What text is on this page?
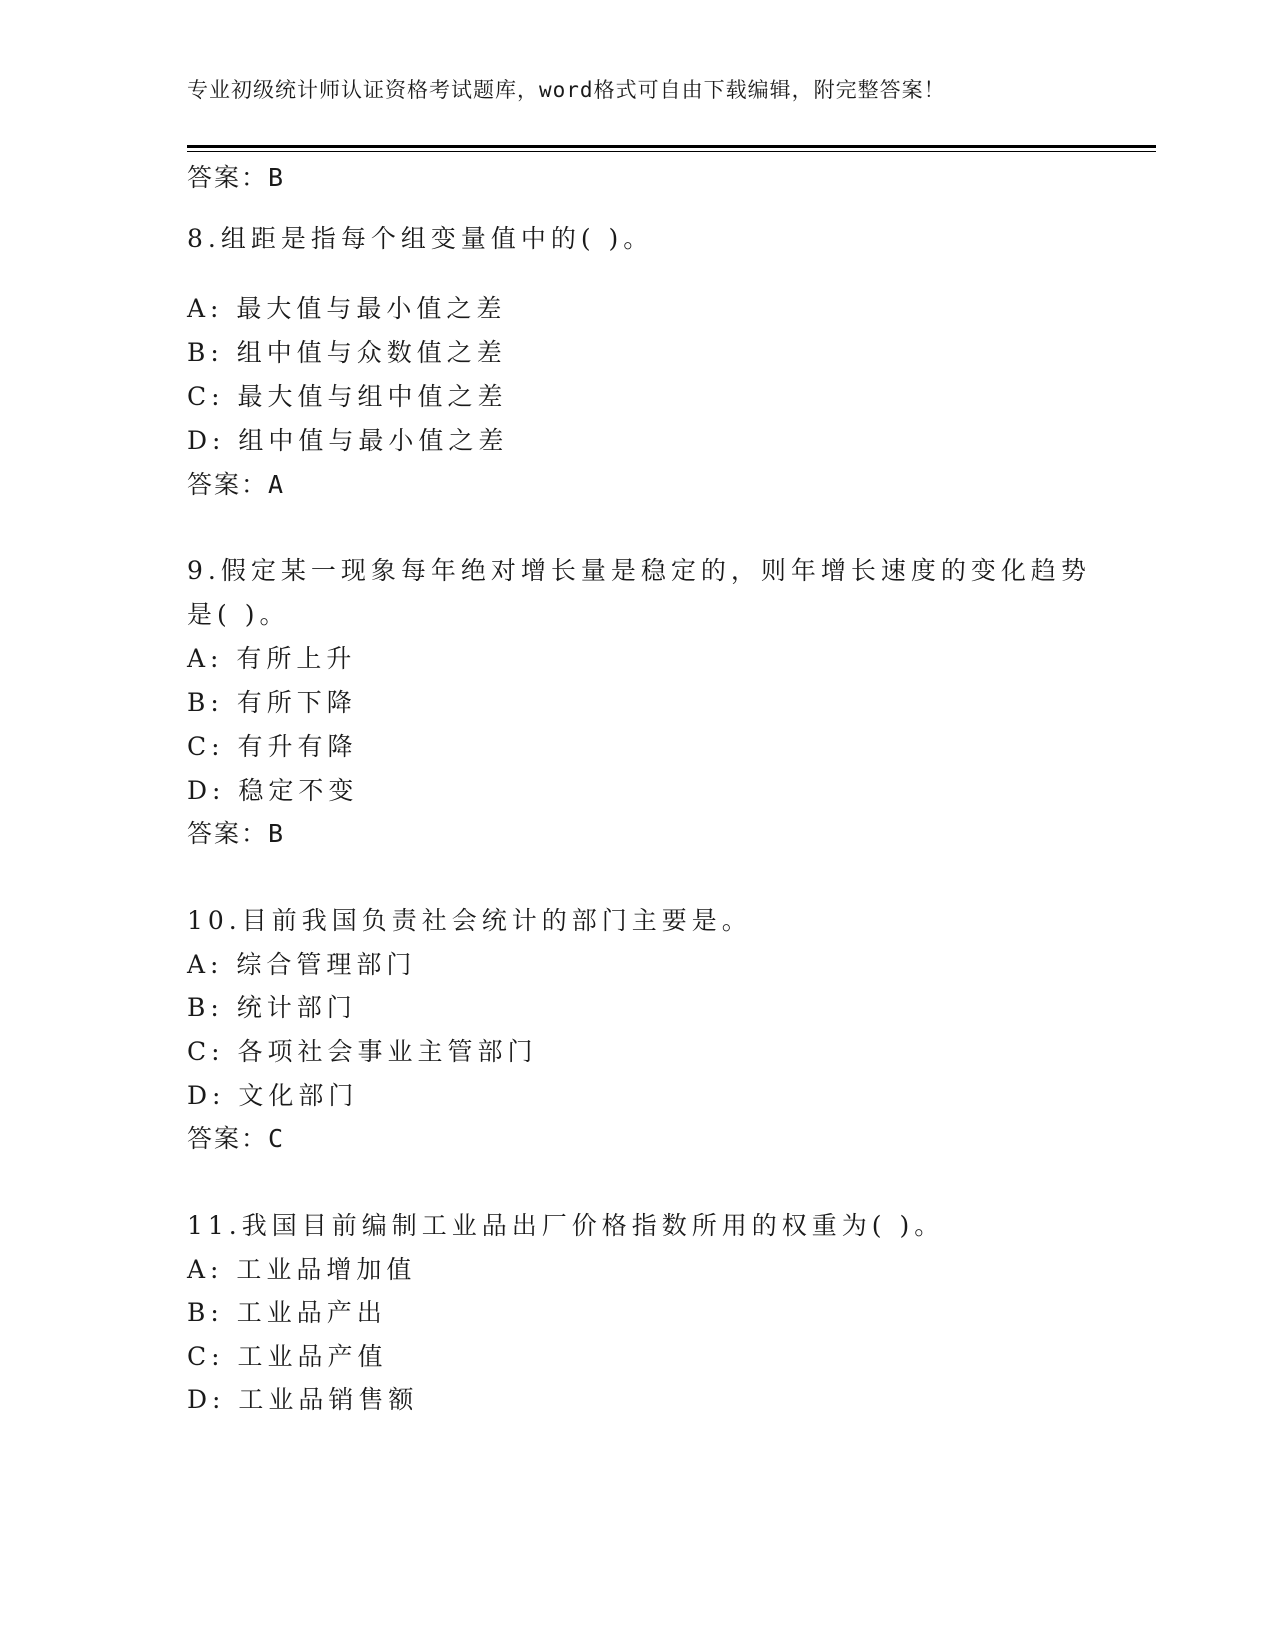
专业初级统计师认证资格考试题库，word格式可自由下载编辑，附完整答案！
答案：B
8.组距是指每个组变量值中的( )。
A: 最大值与最小值之差
B: 组中值与众数值之差
C: 最大值与组中值之差
D: 组中值与最小值之差
答案：A
9.假定某一现象每年绝对增长量是稳定的，则年增长速度的变化趋势
是( )。
A: 有所上升
B: 有所下降
C: 有升有降
D: 稳定不变
答案：B
10.目前我国负责社会统计的部门主要是。
A: 综合管理部门
B: 统计部门
C: 各项社会事业主管部门
D: 文化部门
答案：C
11.我国目前编制工业品出厂价格指数所用的权重为( )。
A: 工业品增加值
B: 工业品产出
C: 工业品产值
D: 工业品销售额
